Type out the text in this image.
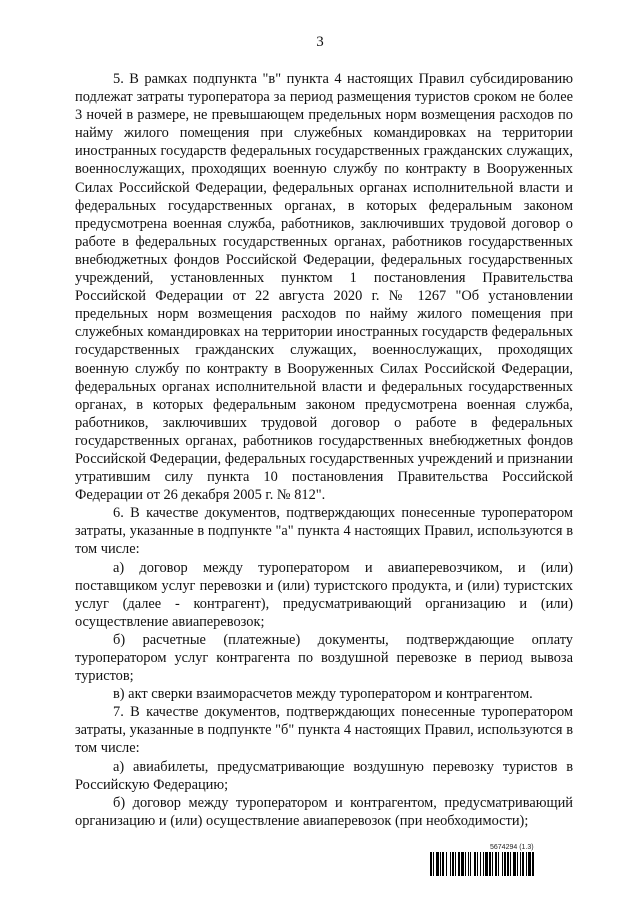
3

5. В рамках подпункта "в" пункта 4 настоящих Правил субсидированию подлежат затраты туроператора за период размещения туристов сроком не более 3 ночей в размере, не превышающем предельных норм возмещения расходов по найму жилого помещения при служебных командировках на территории иностранных государств федеральных государственных гражданских служащих, военнослужащих, проходящих военную службу по контракту в Вооруженных Силах Российской Федерации, федеральных органах исполнительной власти и федеральных государственных органах, в которых федеральным законом предусмотрена военная служба, работников, заключивших трудовой договор о работе в федеральных государственных органах, работников государственных внебюджетных фондов Российской Федерации, федеральных государственных учреждений, установленных пунктом 1 постановления Правительства Российской Федерации от 22 августа 2020 г. № 1267 "Об установлении предельных норм возмещения расходов по найму жилого помещения при служебных командировках на территории иностранных государств федеральных государственных гражданских служащих, военнослужащих, проходящих военную службу по контракту в Вооруженных Силах Российской Федерации, федеральных органах исполнительной власти и федеральных государственных органах, в которых федеральным законом предусмотрена военная служба, работников, заключивших трудовой договор о работе в федеральных государственных органах, работников государственных внебюджетных фондов Российской Федерации, федеральных государственных учреждений и признании утратившим силу пункта 10 постановления Правительства Российской Федерации от 26 декабря 2005 г. № 812".

6. В качестве документов, подтверждающих понесенные туроператором затраты, указанные в подпункте "а" пункта 4 настоящих Правил, используются в том числе:

а) договор между туроператором и авиаперевозчиком, и (или) поставщиком услуг перевозки и (или) туристского продукта, и (или) туристских услуг (далее - контрагент), предусматривающий организацию и (или) осуществление авиаперевозок;

б) расчетные (платежные) документы, подтверждающие оплату туроператором услуг контрагента по воздушной перевозке в период вывоза туристов;

в) акт сверки взаиморасчетов между туроператором и контрагентом.

7. В качестве документов, подтверждающих понесенные туроператором затраты, указанные в подпункте "б" пункта 4 настоящих Правил, используются в том числе:

а) авиабилеты, предусматривающие воздушную перевозку туристов в Российскую Федерацию;

б) договор между туроператором и контрагентом, предусматривающий организацию и (или) осуществление авиаперевозок (при необходимости);

5674294 (1.3)
